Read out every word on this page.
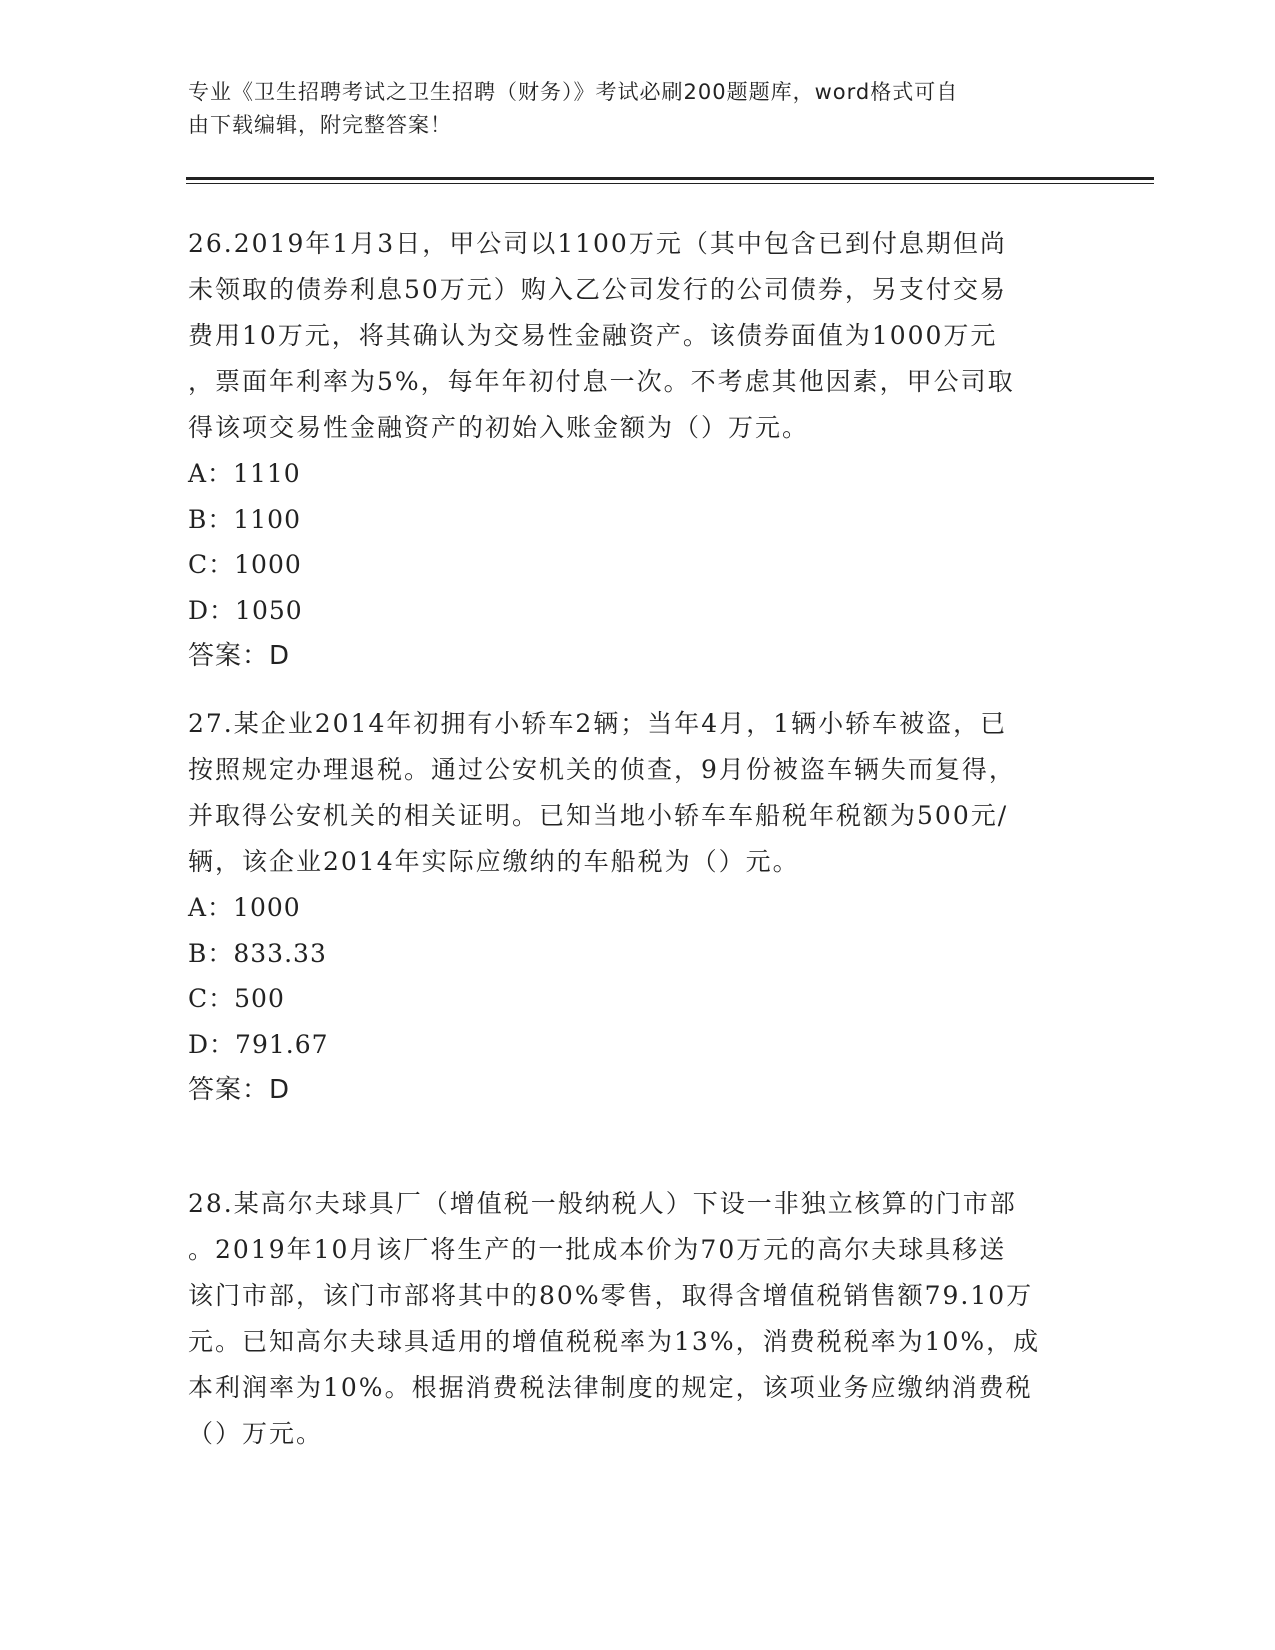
专业《卫生招聘考试之卫生招聘（财务）》考试必刷200题题库，word格式可自
由下载编辑，附完整答案！

26.2019年1月3日，甲公司以1100万元（其中包含已到付息期但尚
未领取的债券利息50万元）购入乙公司发行的公司债券，另支付交易
费用10万元，将其确认为交易性金融资产。该债券面值为1000万元
，票面年利率为5%，每年年初付息一次。不考虑其他因素，甲公司取
得该项交易性金融资产的初始入账金额为（）万元。

A：1110
B：1100
C：1000
D：1050
答案：D

27.某企业2014年初拥有小轿车2辆；当年4月，1辆小轿车被盗，已
按照规定办理退税。通过公安机关的侦查，9月份被盗车辆失而复得，
并取得公安机关的相关证明。已知当地小轿车车船税年税额为500元/
辆，该企业2014年实际应缴纳的车船税为（）元。

A：1000
B：833.33
C：500
D：791.67
答案：D

28.某高尔夫球具厂（增值税一般纳税人）下设一非独立核算的门市部
。2019年10月该厂将生产的一批成本价为70万元的高尔夫球具移送
该门市部，该门市部将其中的80%零售，取得含增值税销售额79.10万
元。已知高尔夫球具适用的增值税税率为13%，消费税税率为10%，成
本利润率为10%。根据消费税法律制度的规定，该项业务应缴纳消费税
（）万元。
